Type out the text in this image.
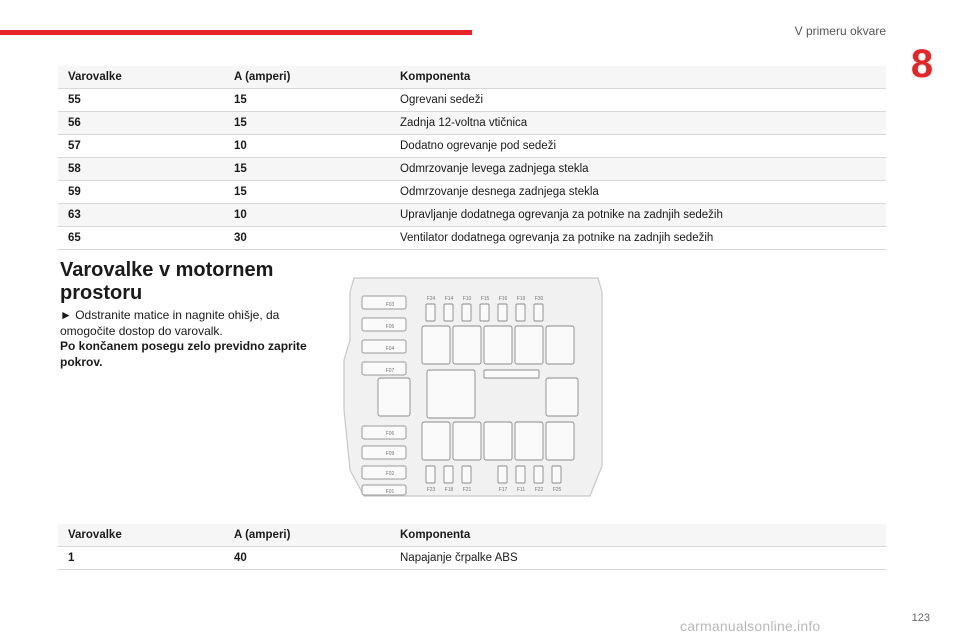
V primeru okvare
8
Varovalke	A (amperi)	Komponenta
55	15	Ogrevani sedeži
56	15	Zadnja 12-voltna vtičnica
57	10	Dodatno ogrevanje pod sedeži
58	15	Odmrzovanje levega zadnjega stekla
59	15	Odmrzovanje desnega zadnjega stekla
63	10	Upravljanje dodatnega ogrevanja za potnike na zadnjih sedežih
65	30	Ventilator dodatnega ogrevanja za potnike na zadnjih sedežih
Varovalke v motornem prostoru
► Odstranite matice in nagnite ohišje, da omogočite dostop do varovalk.
Po končanem posegu zelo previdno zaprite pokrov.
F03
F05
F04
F07
F06
F09
F02
F01
F24 F14 F10 F15 F16 F19 F30
F23 F18 F21	F17 F11 F22 F25
Varovalke	A (amperi)	Komponenta
1	40	Napajanje črpalke ABS
123
carmanualsonline.info
